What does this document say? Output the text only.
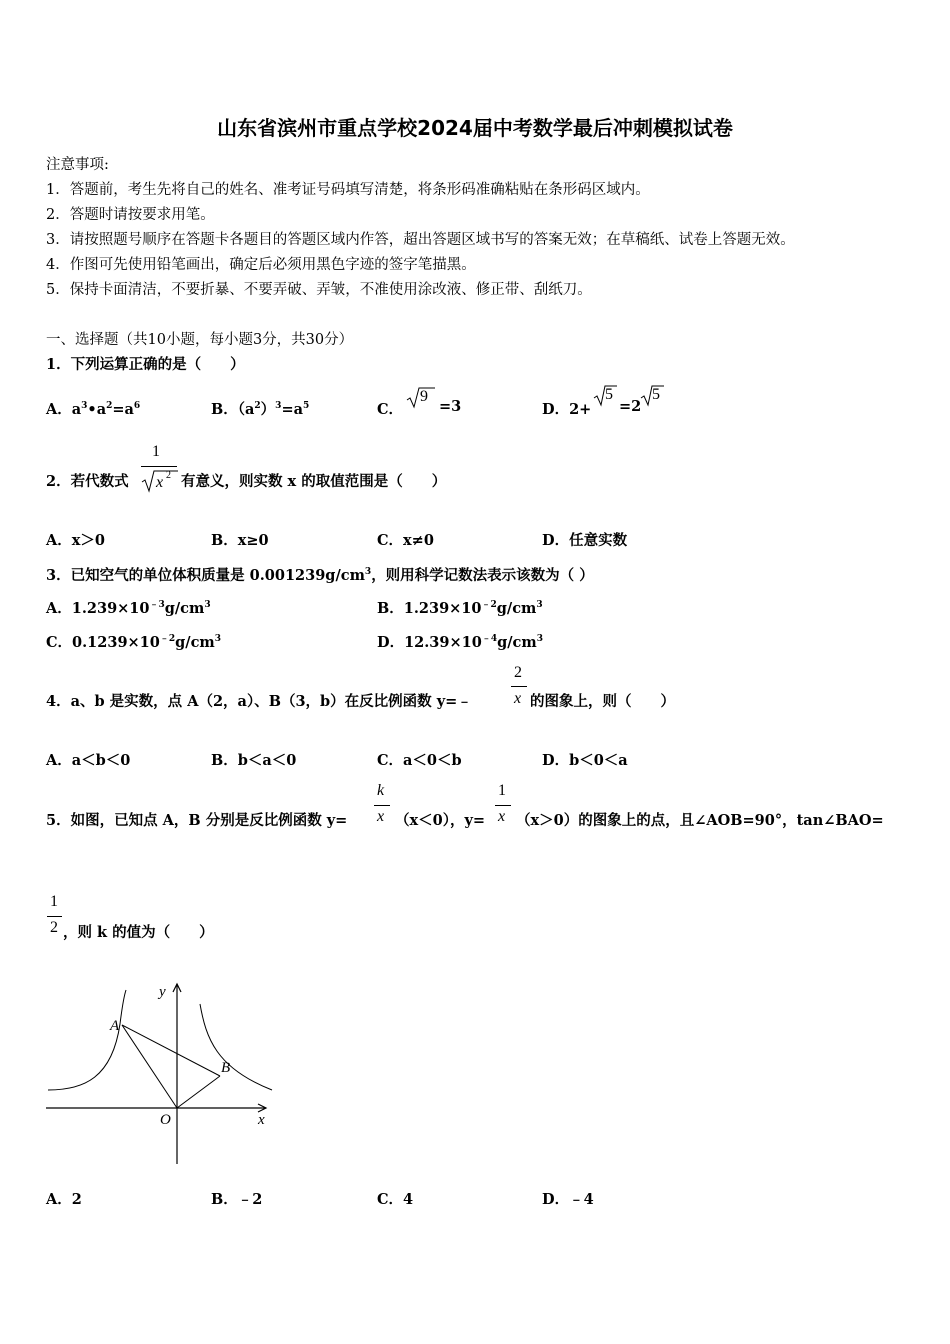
山东省滨州市重点学校2024届中考数学最后冲刺模拟试卷
注意事项:
1．答题前，考生先将自己的姓名、准考证号码填写清楚，将条形码准确粘贴在条形码区域内。
2．答题时请按要求用笔。
3．请按照题号顺序在答题卡各题目的答题区域内作答，超出答题区域书写的答案无效；在草稿纸、试卷上答题无效。
4．作图可先使用铅笔画出，确定后必须用黑色字迹的签字笔描黑。
5．保持卡面清洁，不要折暴、不要弄破、弄皱，不准使用涂改液、修正带、刮纸刀。
一、选择题（共10小题，每小题3分，共30分）
1．下列运算正确的是（　　）
A．$a^3•a^2=a^6$	B．$(a^2)^3=a^5$	C．
9
=3	D．2+
5
=2
5
2．若代数式
1
x 2 有意义，则实数 x 的取值范围是（　　）
A．x＞0	B．x≥0	C．x≠0	D．任意实数
3．已知空气的单位体积质量是 $0.001239g/cm^3$，则用科学记数法表示该数为（ ）
A．$1.239\times 10^{﹣3}g/cm^3$	B．$1.239\times 10^{﹣2}g/cm^3$
C．$0.1239\times 10^{﹣2}g/cm^3$	D．$12.39\times 10^{﹣4}g/cm^3$
4．a、b 是实数，点 A（2，a）、B（3，b）在反比例函数 y=﹣
2
x 的图象上，则（　　）
A．a＜b＜0	B．b＜a＜0	C．a＜0＜b	D．b＜0＜a
5．如图，已知点 A，B 分别是反比例函数 y=
k
x （x＜0），y=
1
x （x＞0）的图象上的点，且∠AOB=90°，tan∠BAO=
1
2 ，则 k 的值为（　　）
y
x
O
A
B
A．2	B．﹣2	C．4	D．﹣4
